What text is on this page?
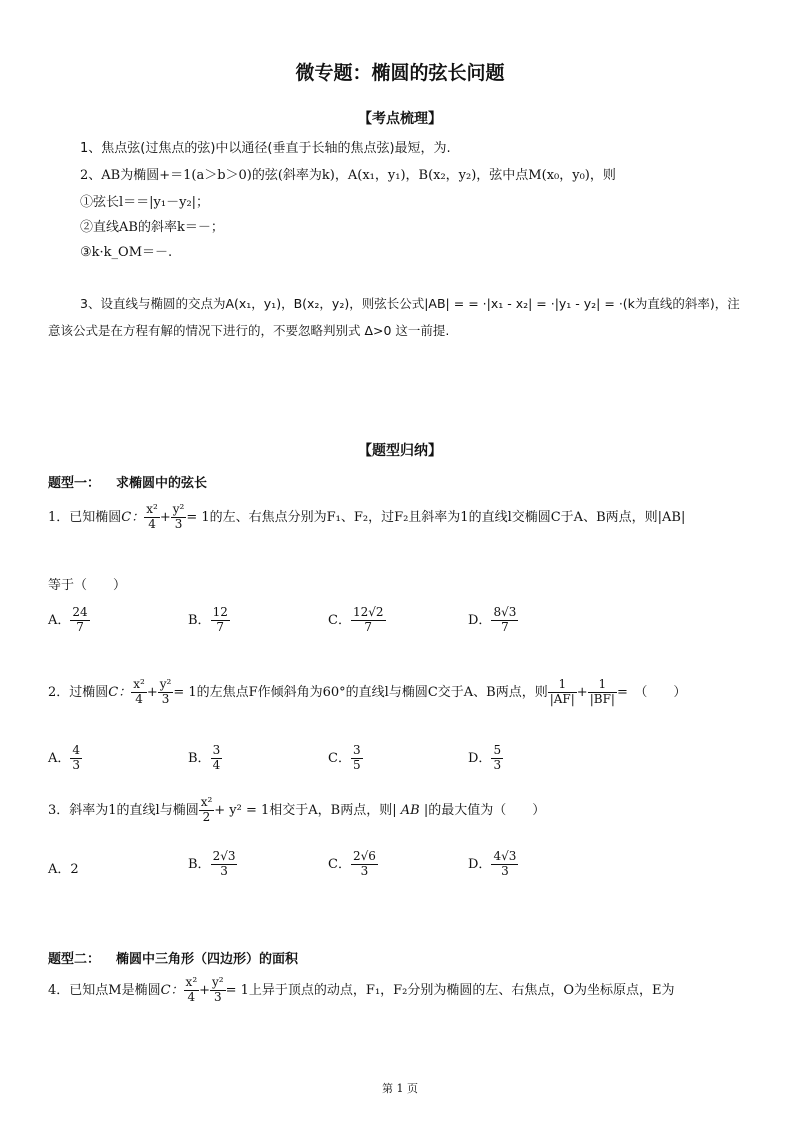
微专题：椭圆的弦长问题
【考点梳理】
1、焦点弦(过焦点的弦)中以通径(垂直于长轴的焦点弦)最短，为.
2、AB为椭圆+＝1(a＞b＞0)的弦(斜率为k)，A(x₁，y₁)，B(x₂，y₂)，弦中点M(x₀，y₀)，则
①弦长l＝＝|y₁－y₂|；
②直线AB的斜率k＝－；
③k·k_OM＝－.
3、设直线与椭圆的交点为A(x₁，y₁)，B(x₂，y₂)，则弦长公式|AB| = = ·|x₁ - x₂| = ·|y₁ - y₂| = ·(k为直线的斜率)，注
意该公式是在方程有解的情况下进行的，不要忽略判别式 Δ>0 这一前提.
【题型归纳】
题型一： 求椭圆中的弦长
1．已知椭圆C： $\frac{\text{x²}}{4} + \frac{\text{y²}}{3} = 1$的左、右焦点分别为F₁、F₂，过F₂且斜率为1的直线l交椭圆C于A、B两点，则|AB|
等于（　　）
A． $\frac{24}{7}$	B． $\frac{12}{7}$	C． $\frac{12√2}{7}$	D． $\frac{8√3}{7}$
2．过椭圆C： $\frac{\text{x²}}{4} + \frac{\text{y²}}{3} = 1$的左焦点F作倾斜角为60°的直线l与椭圆C交于A、B两点，则 $\frac{1}{|AF|} + \frac{1}{|BF|}$ =　（　　）
A． $\frac{4}{3}$	B． $\frac{3}{4}$	C． $\frac{3}{5}$	D． $\frac{5}{3}$
3．斜率为1的直线l与椭圆 $\frac{\text{x²}}{2} + y^2 = 1$相交于A，B两点，则| AB |的最大值为（　　）
A．2	B． $\frac{2√3}{3}$	C． $\frac{2√6}{3}$	D． $\frac{4√3}{3}$
题型二： 椭圆中三角形（四边形）的面积
4．已知点M是椭圆C： $\frac{\text{x²}}{4} + \frac{\text{y²}}{3} = 1$上异于顶点的动点，F₁，F₂分别为椭圆的左、右焦点，O为坐标原点，E为
第 1 页
